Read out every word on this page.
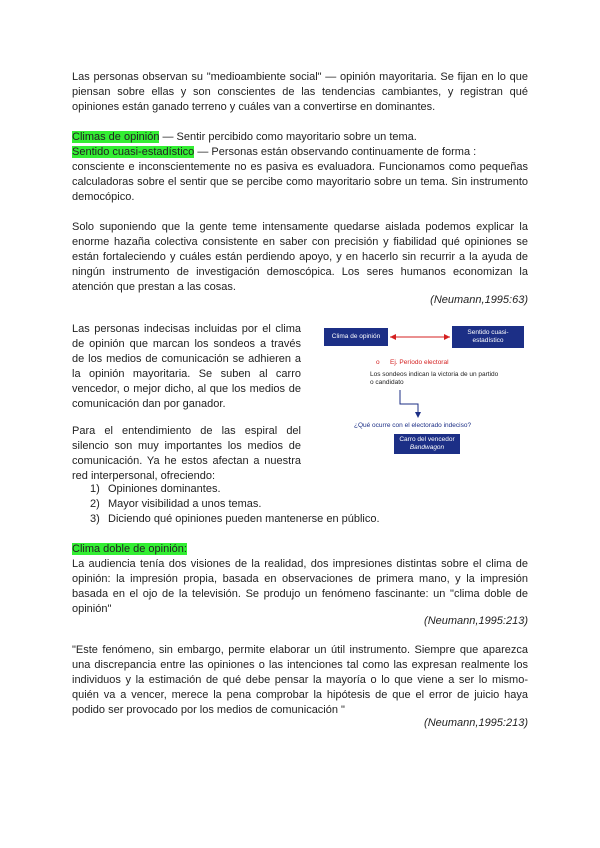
Las personas observan su "medioambiente social" — opinión mayoritaria. Se fijan en lo que piensan sobre ellas y son conscientes de las tendencias cambiantes, y registran qué opiniones están ganado terreno y cuáles van a convertirse en dominantes.

Climas de opinión — Sentir percibido como mayoritario sobre un tema.
Sentido cuasi-estadístico — Personas están observando continuamente de forma :

consciente e inconscientemente no es pasiva es evaluadora. Funcionamos como pequeñas calculadoras sobre el sentir que se percibe como mayoritario sobre un tema. Sin instrumento democópico.

Solo suponiendo que la gente teme intensamente quedarse aislada podemos explicar la enorme hazaña colectiva consistente en saber con precisión y fiabilidad qué opiniones se están fortaleciendo y cuáles están perdiendo apoyo, y en hacerlo sin recurrir a la ayuda de ningún instrumento de investigación demoscópica. Los seres humanos economizan la atención que prestan a las cosas.

(Neumann,1995:63)

Las personas indecisas incluidas por el clima de opinión que marcan los sondeos a través de los medios de comunicación se adhieren a la opinión mayoritaria. Se suben al carro vencedor, o mejor dicho, al que los medios de comunicación dan por ganador.

Para el entendimiento de las espiral del silencio son muy importantes los medios de comunicación. Ya he estos afectan a nuestra red interpersonal, ofreciendo:

1) Opiniones dominantes.
2) Mayor visibilidad a unos temas.
3) Diciendo qué opiniones pueden mantenerse en público.
Clima de opinión
Sentido cuasi-estadístico
o Ej. Período electoral
Los sondeos indican la victoria de un partido o candidato
¿Qué ocurre con el electorado indeciso?
Carro del vencedor
Bandwagon
Clima doble de opinión:

La audiencia tenía dos visiones de la realidad, dos impresiones distintas sobre el clima de opinión: la impresión propia, basada en observaciones de primera mano, y la impresión basada en el ojo de la televisión. Se produjo un fenómeno fascinante: un "clima doble de opinión"

(Neumann,1995:213)

"Este fenómeno, sin embargo, permite elaborar un útil instrumento. Siempre que aparezca una discrepancia entre las opiniones o las intenciones tal como las expresan realmente los individuos y la estimación de qué debe pensar la mayoría o lo que viene a ser lo mismo-quién va a vencer, merece la pena comprobar la hipótesis de que el error de juicio haya podido ser provocado por los medios de comunicación "

(Neumann,1995:213)
